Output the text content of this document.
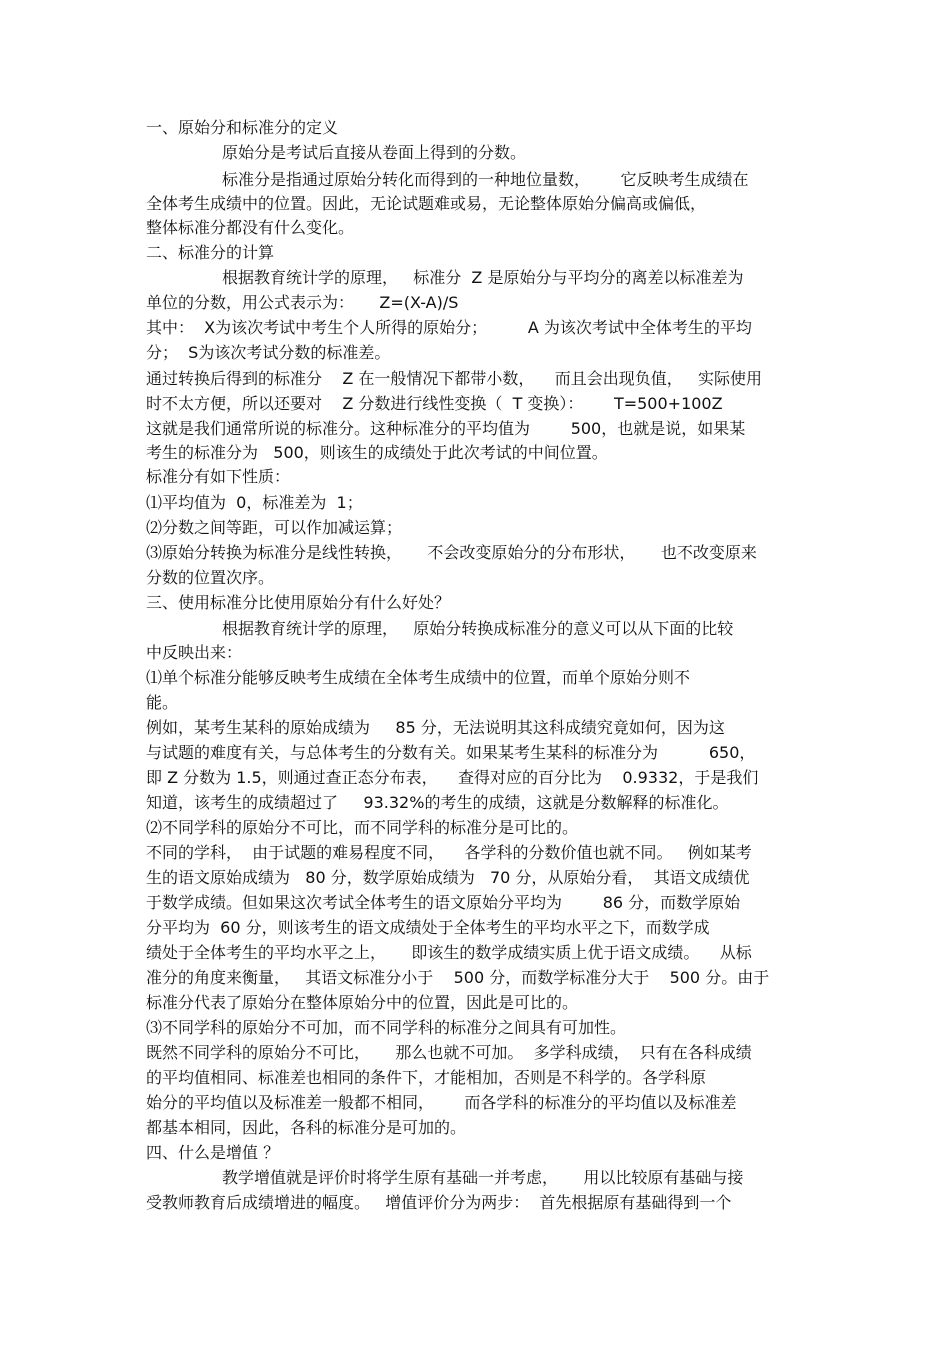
一、原始分和标准分的定义
原始分是考试后直接从卷面上得到的分数。
标准分是指通过原始分转化而得到的一种地位量数，      它反映考生成绩在
全体考生成绩中的位置。因此，无论试题难或易，无论整体原始分偏高或偏低，
整体标准分都没有什么变化。
二、标准分的计算
根据教育统计学的原理，   标准分  Z 是原始分与平均分的离差以标准差为
单位的分数，用公式表示为：     Z=(X-A)/S
其中：  X为该次考试中考生个人所得的原始分；        A 为该次考试中全体考生的平均
分；  S为该次考试分数的标准差。
通过转换后得到的标准分    Z 在一般情况下都带小数，    而且会出现负值，   实际使用
时不太方便，所以还要对    Z 分数进行线性变换（  T 变换）：      T=500+100Z
这就是我们通常所说的标准分。这种标准分的平均值为        500，也就是说，如果某
考生的标准分为   500，则该生的成绩处于此次考试的中间位置。
标准分有如下性质：
⑴平均值为  0，标准差为  1；
⑵分数之间等距，可以作加减运算；
⑶原始分转换为标准分是线性转换，     不会改变原始分的分布形状，     也不改变原来
分数的位置次序。
三、使用标准分比使用原始分有什么好处？
根据教育统计学的原理，   原始分转换成标准分的意义可以从下面的比较
中反映出来：
⑴单个标准分能够反映考生成绩在全体考生成绩中的位置，而单个原始分则不
能。
例如，某考生某科的原始成绩为     85 分，无法说明其这科成绩究竟如何，因为这
与试题的难度有关，与总体考生的分数有关。如果某考生某科的标准分为          650，
即 Z 分数为 1.5，则通过查正态分布表，    查得对应的百分比为    0.9332，于是我们
知道，该考生的成绩超过了     93.32%的考生的成绩，这就是分数解释的标准化。
⑵不同学科的原始分不可比，而不同学科的标准分是可比的。
不同的学科，  由于试题的难易程度不同，    各学科的分数价值也就不同。   例如某考
生的语文原始成绩为   80 分，数学原始成绩为   70 分，从原始分看，  其语文成绩优
于数学成绩。但如果这次考试全体考生的语文原始分平均为        86 分，而数学原始
分平均为  60 分，则该考生的语文成绩处于全体考生的平均水平之下，而数学成
绩处于全体考生的平均水平之上，     即该生的数学成绩实质上优于语文成绩。    从标
准分的角度来衡量，   其语文标准分小于    500 分，而数学标准分大于    500 分。由于
标准分代表了原始分在整体原始分中的位置，因此是可比的。
⑶不同学科的原始分不可加，而不同学科的标准分之间具有可加性。
既然不同学科的原始分不可比，     那么也就不可加。  多学科成绩，  只有在各科成绩
的平均值相同、标准差也相同的条件下，才能相加，否则是不科学的。各学科原
始分的平均值以及标准差一般都不相同，      而各学科的标准分的平均值以及标准差
都基本相同，因此，各科的标准分是可加的。
四、什么是增值 ？
教学增值就是评价时将学生原有基础一并考虑，     用以比较原有基础与接
受教师教育后成绩增进的幅度。   增值评价分为两步：  首先根据原有基础得到一个
